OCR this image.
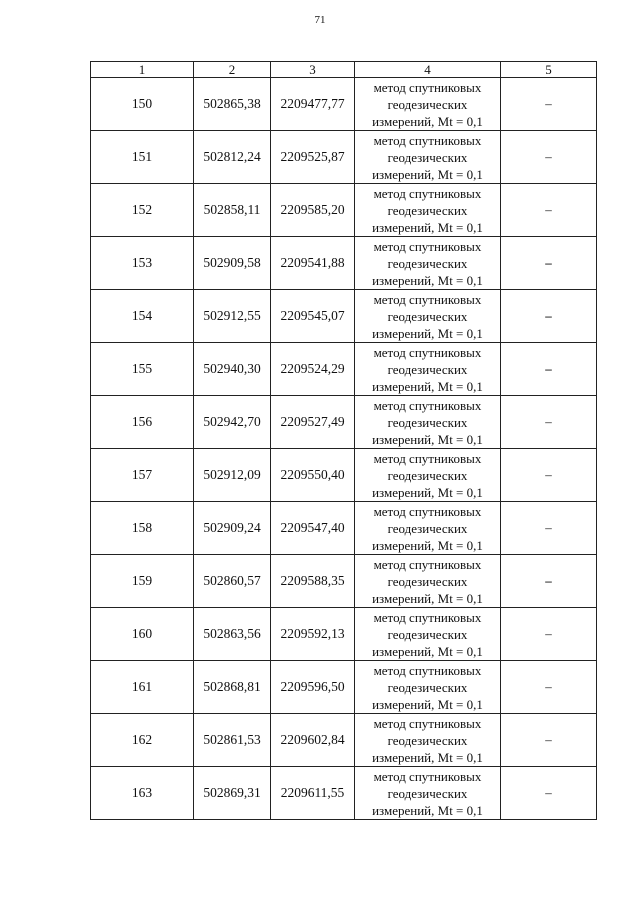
71
1	2	3	4	5
150	502865,38	2209477,77	метод спутниковых
геодезических
измерений, Mt = 0,1	–
151	502812,24	2209525,87	метод спутниковых
геодезических
измерений, Mt = 0,1	–
152	502858,11	2209585,20	метод спутниковых
геодезических
измерений, Mt = 0,1	–
153	502909,58	2209541,88	метод спутниковых
геодезических
измерений, Mt = 0,1	–
154	502912,55	2209545,07	метод спутниковых
геодезических
измерений, Mt = 0,1	–
155	502940,30	2209524,29	метод спутниковых
геодезических
измерений, Mt = 0,1	–
156	502942,70	2209527,49	метод спутниковых
геодезических
измерений, Mt = 0,1	–
157	502912,09	2209550,40	метод спутниковых
геодезических
измерений, Mt = 0,1	–
158	502909,24	2209547,40	метод спутниковых
геодезических
измерений, Mt = 0,1	–
159	502860,57	2209588,35	метод спутниковых
геодезических
измерений, Mt = 0,1	–
160	502863,56	2209592,13	метод спутниковых
геодезических
измерений, Mt = 0,1	–
161	502868,81	2209596,50	метод спутниковых
геодезических
измерений, Mt = 0,1	–
162	502861,53	2209602,84	метод спутниковых
геодезических
измерений, Mt = 0,1	–
163	502869,31	2209611,55	метод спутниковых
геодезических
измерений, Mt = 0,1	–
